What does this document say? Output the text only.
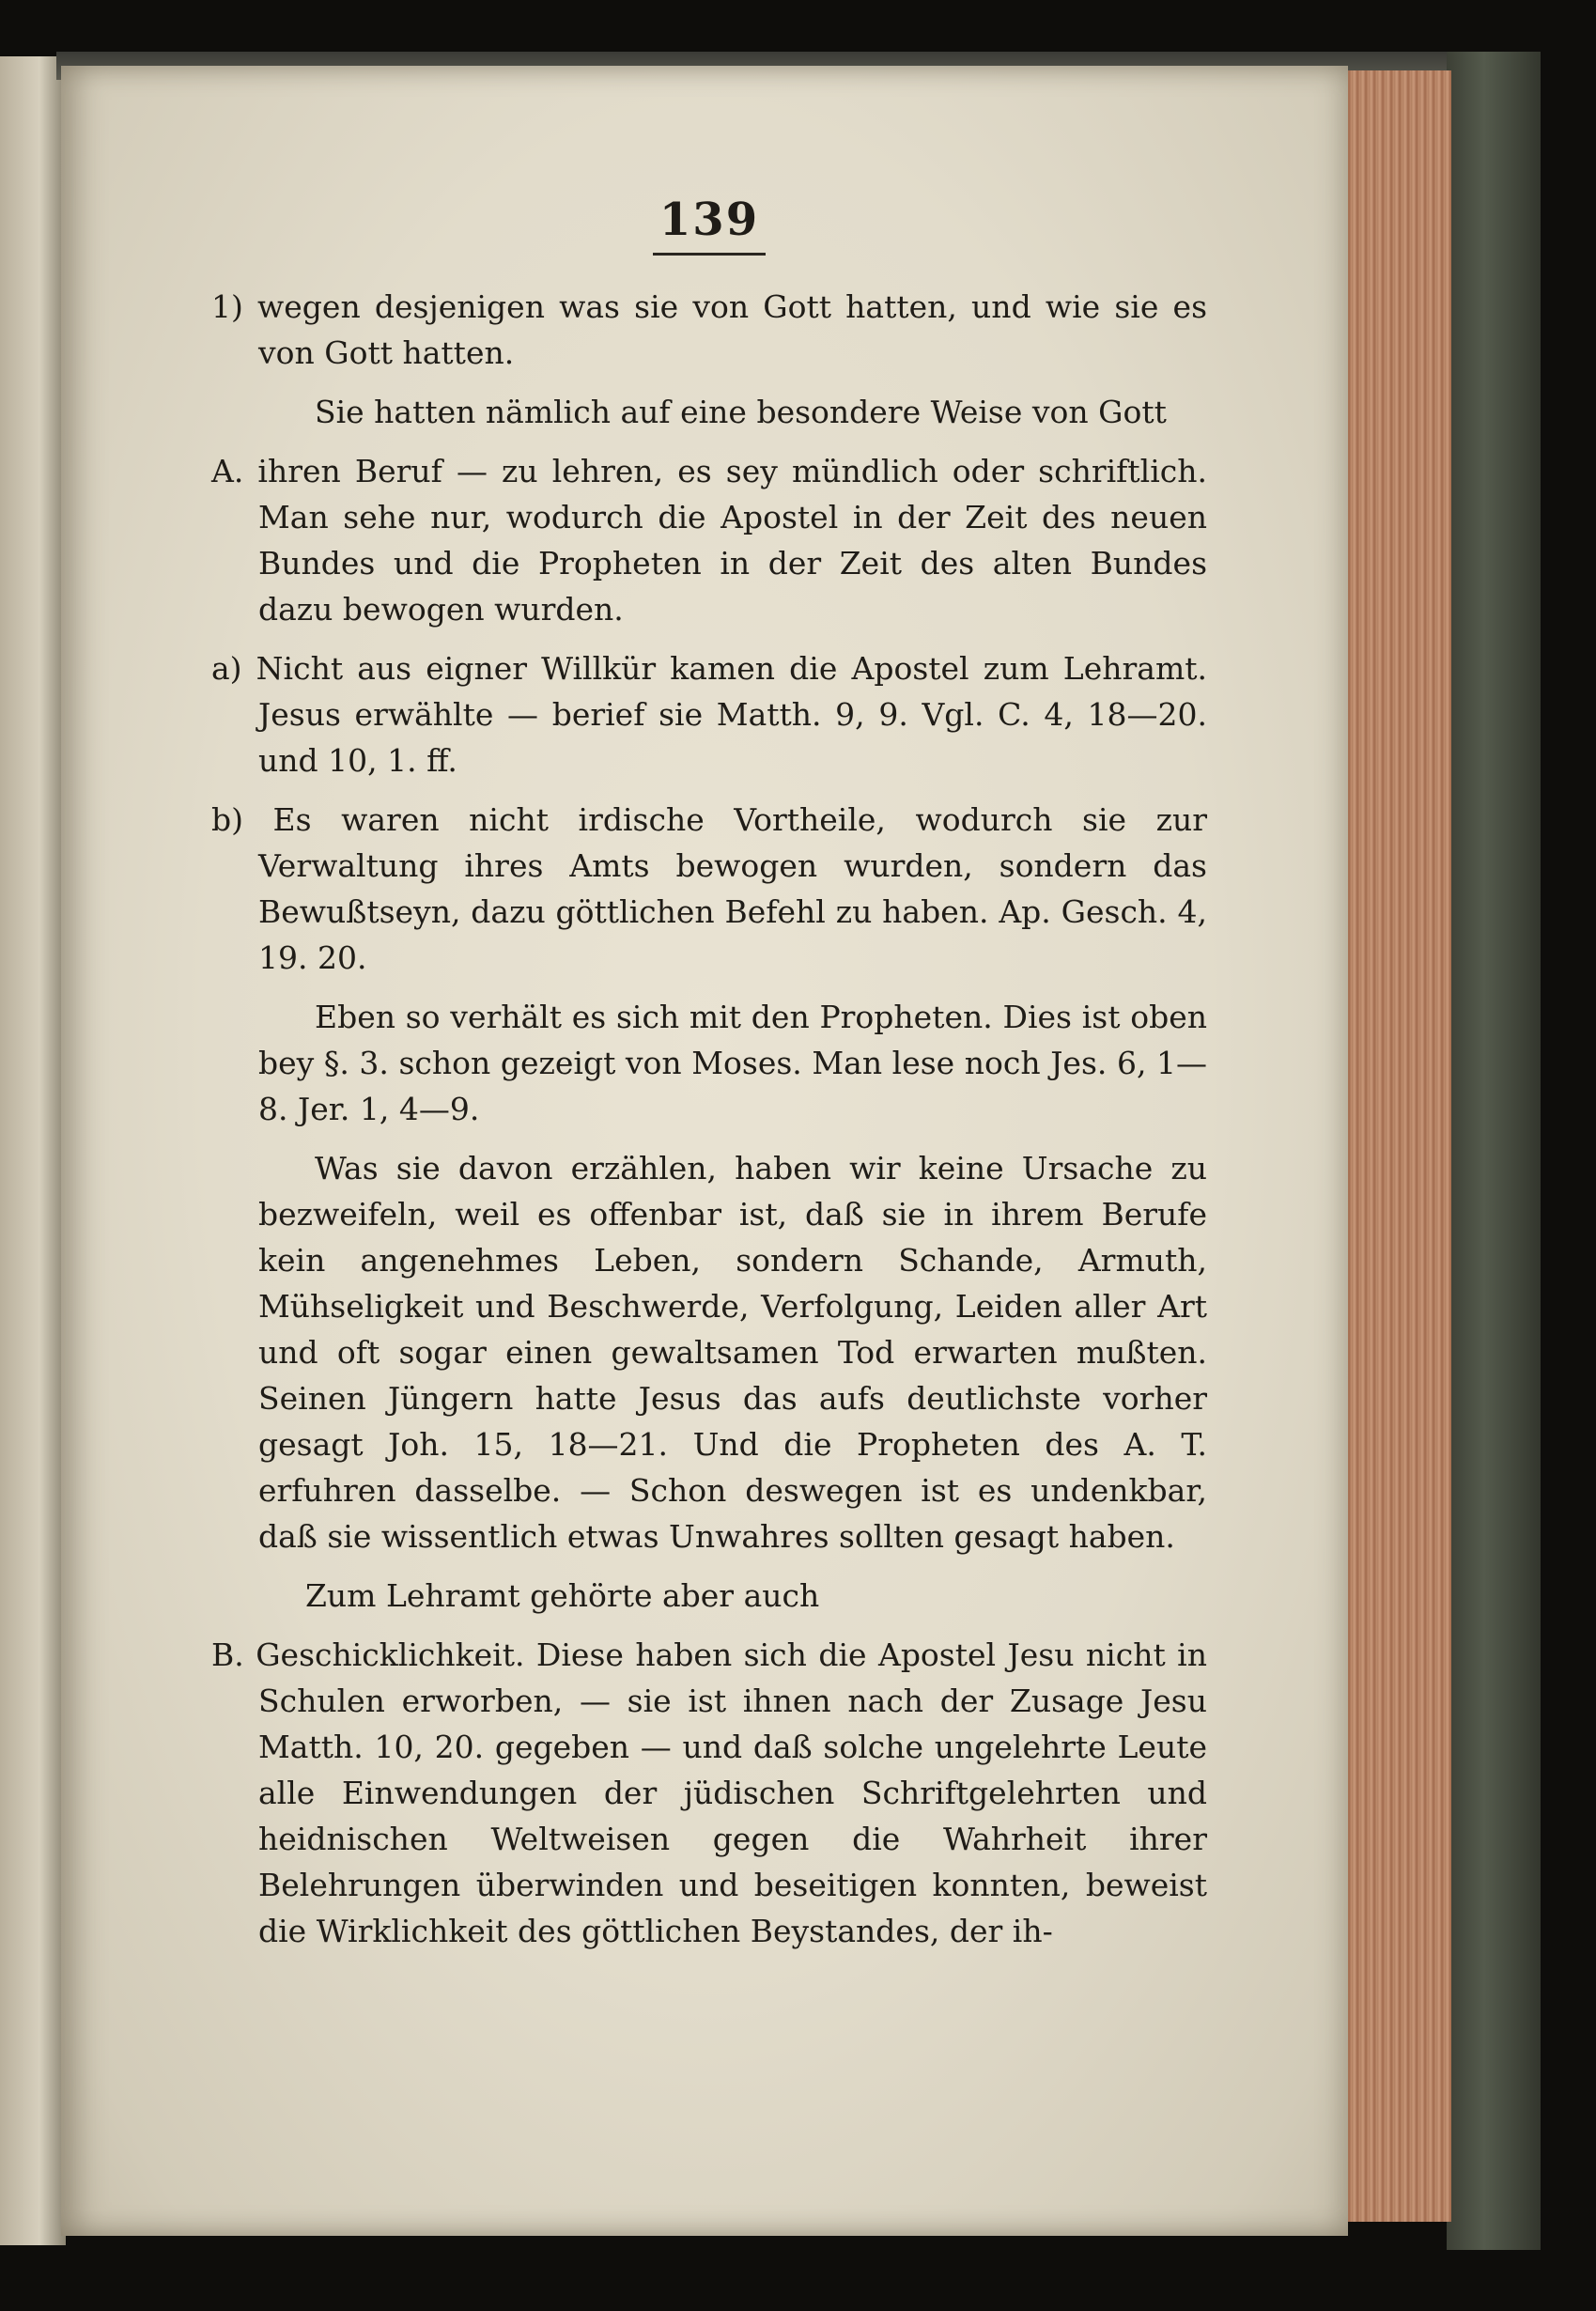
139

1) wegen desjenigen was sie von Gott hatten, und wie sie es von Gott hatten.

Sie hatten nämlich auf eine besondere Weise von Gott

A. ihren Beruf — zu lehren, es sey mündlich oder schriftlich. Man sehe nur, wodurch die Apostel in der Zeit des neuen Bundes und die Propheten in der Zeit des alten Bundes dazu bewogen wurden.

a) Nicht aus eigner Willkür kamen die Apostel zum Lehramt. Jesus erwählte — berief sie Matth. 9, 9. Vgl. C. 4, 18—20. und 10, 1. ff.

b) Es waren nicht irdische Vortheile, wodurch sie zur Verwaltung ihres Amts bewogen wurden, sondern das Bewußtseyn, dazu göttlichen Befehl zu haben. Ap. Gesch. 4, 19. 20.

Eben so verhält es sich mit den Propheten. Dies ist oben bey §. 3. schon gezeigt von Moses. Man lese noch Jes. 6, 1—8. Jer. 1, 4—9.

Was sie davon erzählen, haben wir keine Ursache zu bezweifeln, weil es offenbar ist, daß sie in ihrem Berufe kein angenehmes Leben, sondern Schande, Armuth, Mühseligkeit und Beschwerde, Verfolgung, Leiden aller Art und oft sogar einen gewaltsamen Tod erwarten mußten. Seinen Jüngern hatte Jesus das aufs deutlichste vorher gesagt Joh. 15, 18—21. Und die Propheten des A. T. erfuhren dasselbe. — Schon deswegen ist es undenkbar, daß sie wissentlich etwas Unwahres sollten gesagt haben.

Zum Lehramt gehörte aber auch

B. Geschicklichkeit. Diese haben sich die Apostel Jesu nicht in Schulen erworben, — sie ist ihnen nach der Zusage Jesu Matth. 10, 20. gegeben — und daß solche ungelehrte Leute alle Einwendungen der jüdischen Schriftgelehrten und heidnischen Weltweisen gegen die Wahrheit ihrer Belehrungen überwinden und beseitigen konnten, beweist die Wirklichkeit des göttlichen Beystandes, der ih-
